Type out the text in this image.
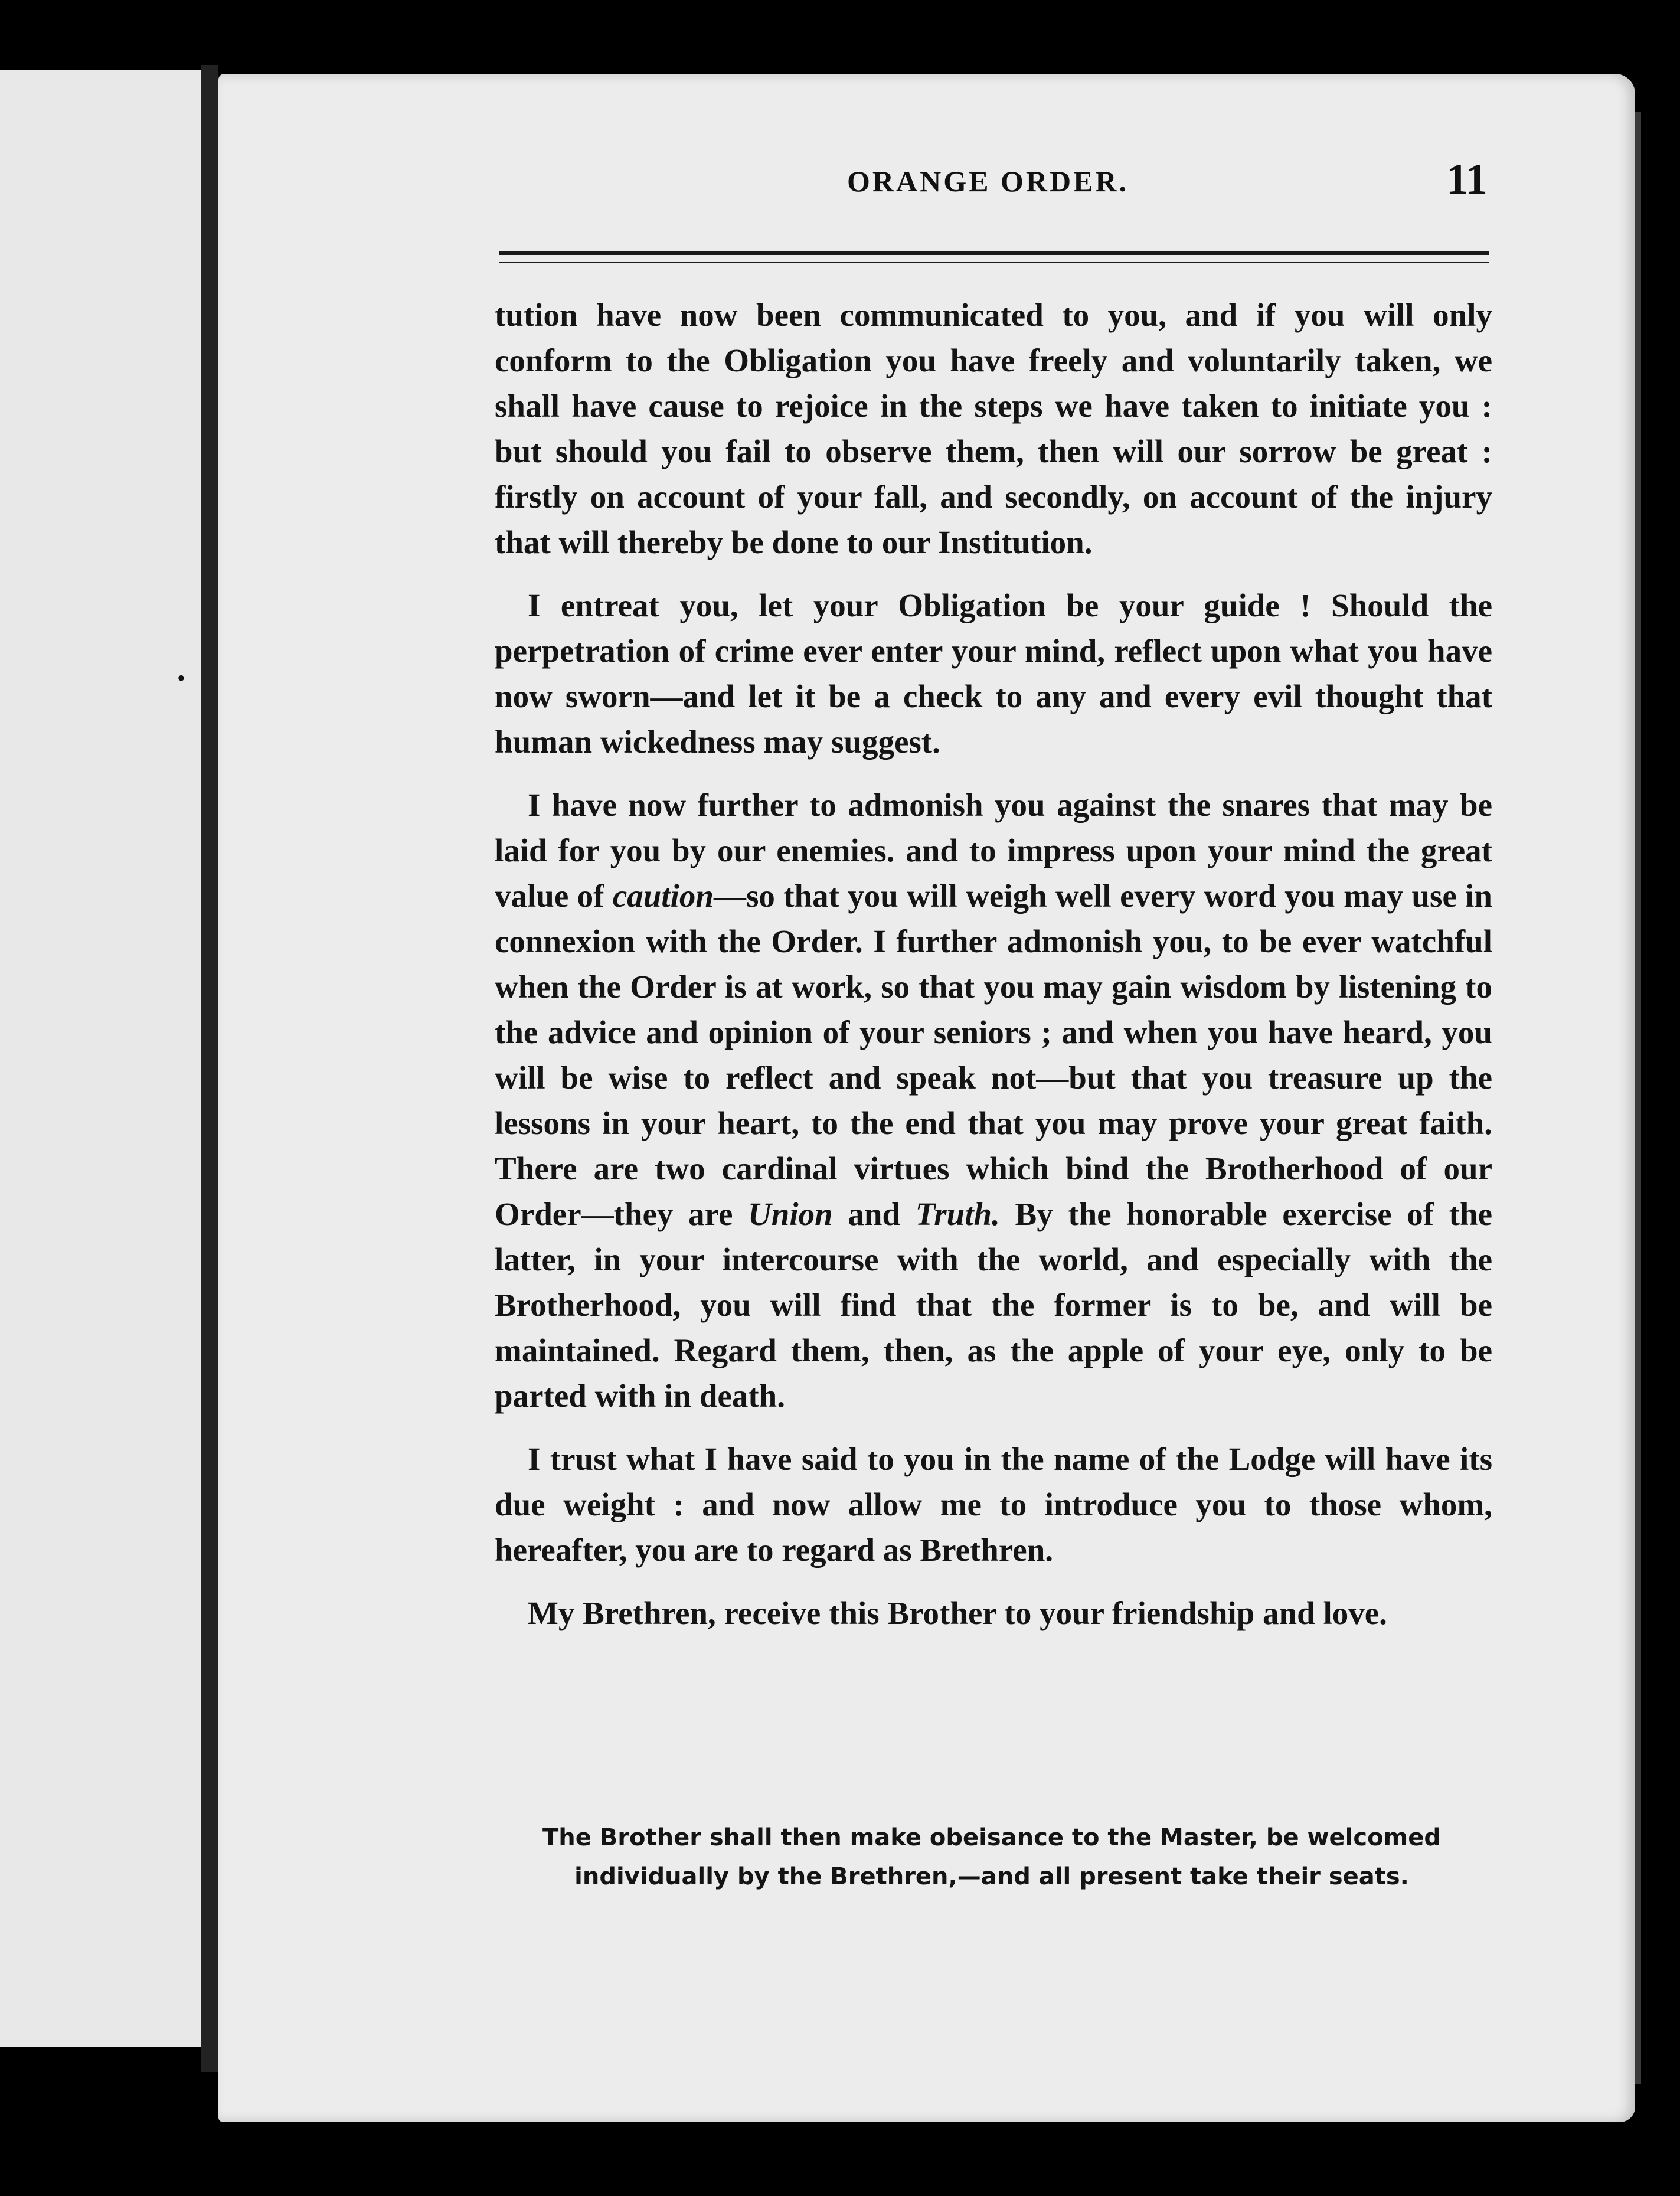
•
ORANGE ORDER.	11

tution have now been communicated to you, and if you will only conform to the Obligation you have freely and voluntarily taken, we shall have cause to rejoice in the steps we have taken to initiate you : but should you fail to observe them, then will our sorrow be great : firstly on account of your fall, and secondly, on account of the injury that will thereby be done to our Institution.

I entreat you, let your Obligation be your guide ! Should the perpetration of crime ever enter your mind, reflect upon what you have now sworn—and let it be a check to any and every evil thought that human wickedness may suggest.

I have now further to admonish you against the snares that may be laid for you by our enemies. and to impress upon your mind the great value of caution—so that you will weigh well every word you may use in connexion with the Order. I further admonish you, to be ever watchful when the Order is at work, so that you may gain wisdom by listening to the advice and opinion of your seniors ; and when you have heard, you will be wise to reflect and speak not—but that you treasure up the lessons in your heart, to the end that you may prove your great faith. There are two cardinal virtues which bind the Brotherhood of our Order—they are Union and Truth. By the honorable exercise of the latter, in your intercourse with the world, and especially with the Brotherhood, you will find that the former is to be, and will be maintained. Regard them, then, as the apple of your eye, only to be parted with in death.

I trust what I have said to you in the name of the Lodge will have its due weight : and now allow me to introduce you to those whom, hereafter, you are to regard as Brethren.

My Brethren, receive this Brother to your friendship and love.

The Brother shall then make obeisance to the Master, be welcomed individually by the Brethren,—and all present take their seats.
